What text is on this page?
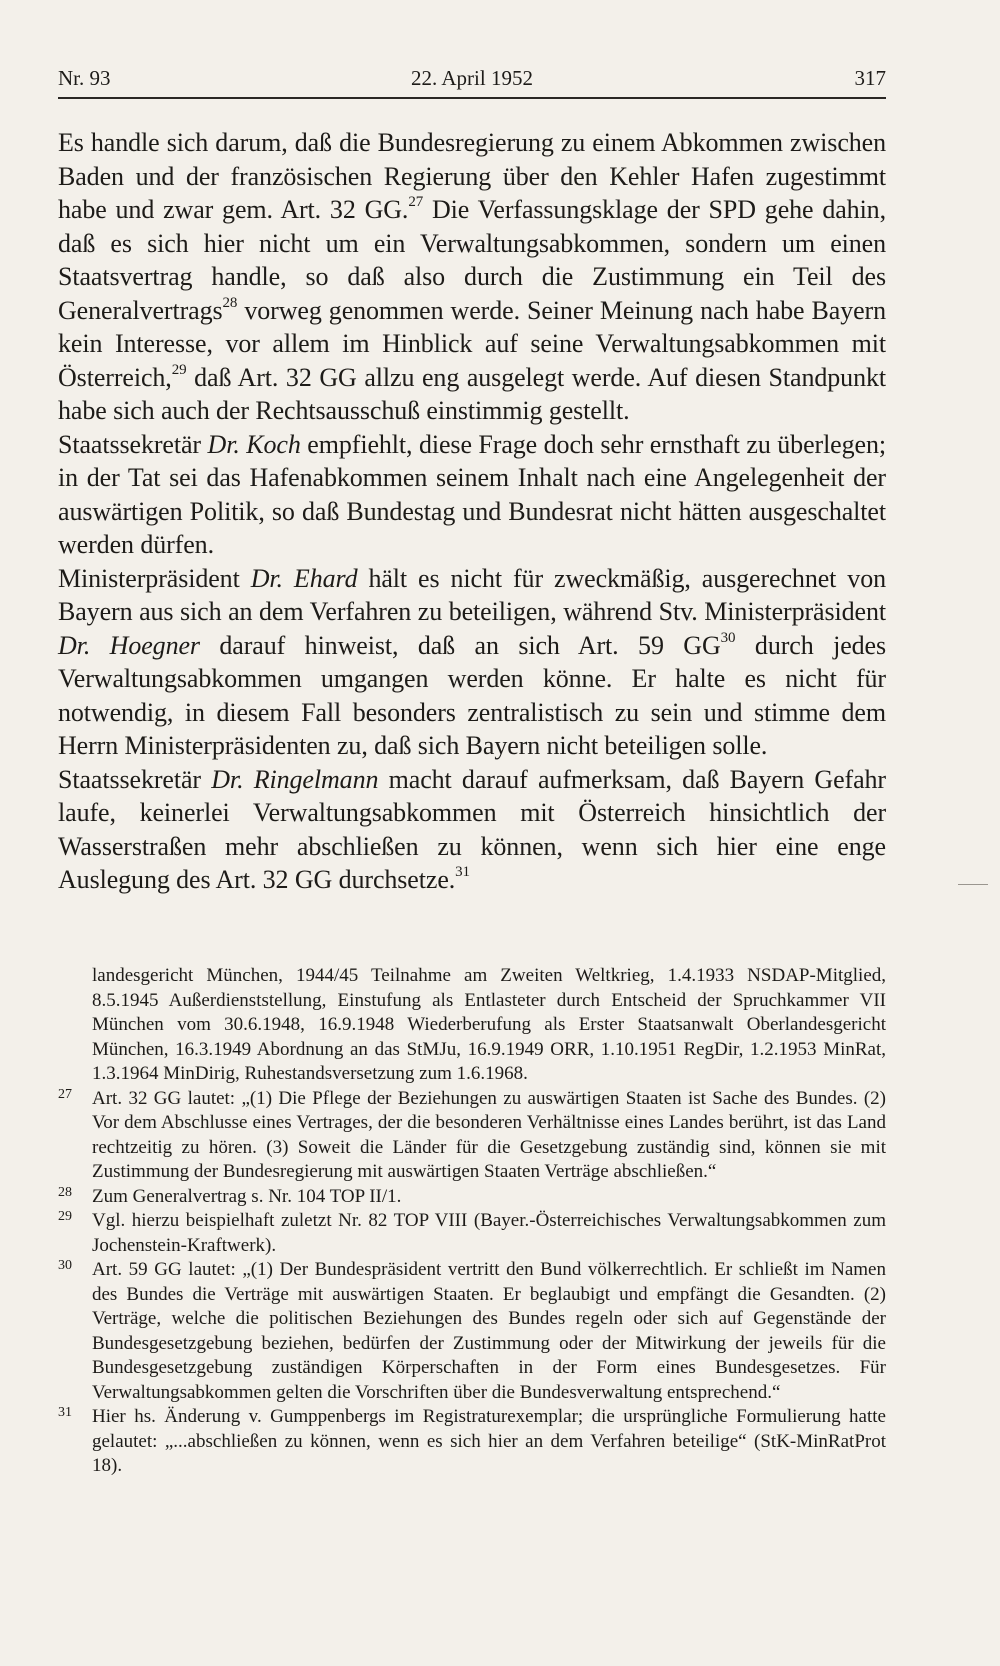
Nr. 93	22. April 1952	317

Es handle sich darum, daß die Bundesregierung zu einem Abkommen zwischen Baden und der französischen Regierung über den Kehler Hafen zugestimmt habe und zwar gem. Art. 32 GG.$^{27}$ Die Verfassungsklage der SPD gehe dahin, daß es sich hier nicht um ein Verwaltungsabkommen, sondern um einen Staatsvertrag handle, so daß also durch die Zustimmung ein Teil des Generalvertrags$^{28}$ vorweg genommen werde. Seiner Meinung nach habe Bayern kein Interesse, vor allem im Hinblick auf seine Verwaltungsabkommen mit Österreich,$^{29}$ daß Art. 32 GG allzu eng ausgelegt werde. Auf diesen Standpunkt habe sich auch der Rechtsausschuß einstimmig gestellt.

Staatssekretär Dr. Koch empfiehlt, diese Frage doch sehr ernsthaft zu überlegen; in der Tat sei das Hafenabkommen seinem Inhalt nach eine Angelegenheit der auswärtigen Politik, so daß Bundestag und Bundesrat nicht hätten ausgeschaltet werden dürfen.

Ministerpräsident Dr. Ehard hält es nicht für zweckmäßig, ausgerechnet von Bayern aus sich an dem Verfahren zu beteiligen, während Stv. Ministerpräsident Dr. Hoegner darauf hinweist, daß an sich Art. 59 GG$^{30}$ durch jedes Verwaltungsabkommen umgangen werden könne. Er halte es nicht für notwendig, in diesem Fall besonders zentralistisch zu sein und stimme dem Herrn Ministerpräsidenten zu, daß sich Bayern nicht beteiligen solle.

Staatssekretär Dr. Ringelmann macht darauf aufmerksam, daß Bayern Gefahr laufe, keinerlei Verwaltungsabkommen mit Österreich hinsichtlich der Wasserstraßen mehr abschließen zu können, wenn sich hier eine enge Auslegung des Art. 32 GG durchsetze.$^{31}$

landesgericht München, 1944/45 Teilnahme am Zweiten Weltkrieg, 1.4.1933 NSDAP-Mitglied, 8.5.1945 Außerdienststellung, Einstufung als Entlasteter durch Entscheid der Spruchkammer VII München vom 30.6.1948, 16.9.1948 Wiederberufung als Erster Staatsanwalt Oberlandesgericht München, 16.3.1949 Abordnung an das StMJu, 16.9.1949 ORR, 1.10.1951 RegDir, 1.2.1953 MinRat, 1.3.1964 MinDirig, Ruhestandsversetzung zum 1.6.1968.

27 Art. 32 GG lautet: „(1) Die Pflege der Beziehungen zu auswärtigen Staaten ist Sache des Bundes. (2) Vor dem Abschlusse eines Vertrages, der die besonderen Verhältnisse eines Landes berührt, ist das Land rechtzeitig zu hören. (3) Soweit die Länder für die Gesetzgebung zuständig sind, können sie mit Zustimmung der Bundesregierung mit auswärtigen Staaten Verträge abschließen.“

28 Zum Generalvertrag s. Nr. 104 TOP II/1.

29 Vgl. hierzu beispielhaft zuletzt Nr. 82 TOP VIII (Bayer.-Österreichisches Verwaltungsabkommen zum Jochenstein-Kraftwerk).

30 Art. 59 GG lautet: „(1) Der Bundespräsident vertritt den Bund völkerrechtlich. Er schließt im Namen des Bundes die Verträge mit auswärtigen Staaten. Er beglaubigt und empfängt die Gesandten. (2) Verträge, welche die politischen Beziehungen des Bundes regeln oder sich auf Gegenstände der Bundesgesetzgebung beziehen, bedürfen der Zustimmung oder der Mitwirkung der jeweils für die Bundesgesetzgebung zuständigen Körperschaften in der Form eines Bundesgesetzes. Für Verwaltungsabkommen gelten die Vorschriften über die Bundesverwaltung entsprechend.“

31 Hier hs. Änderung v. Gumppenbergs im Registraturexemplar; die ursprüngliche Formulierung hatte gelautet: „...abschließen zu können, wenn es sich hier an dem Verfahren beteilige“ (StK-MinRatProt 18).
